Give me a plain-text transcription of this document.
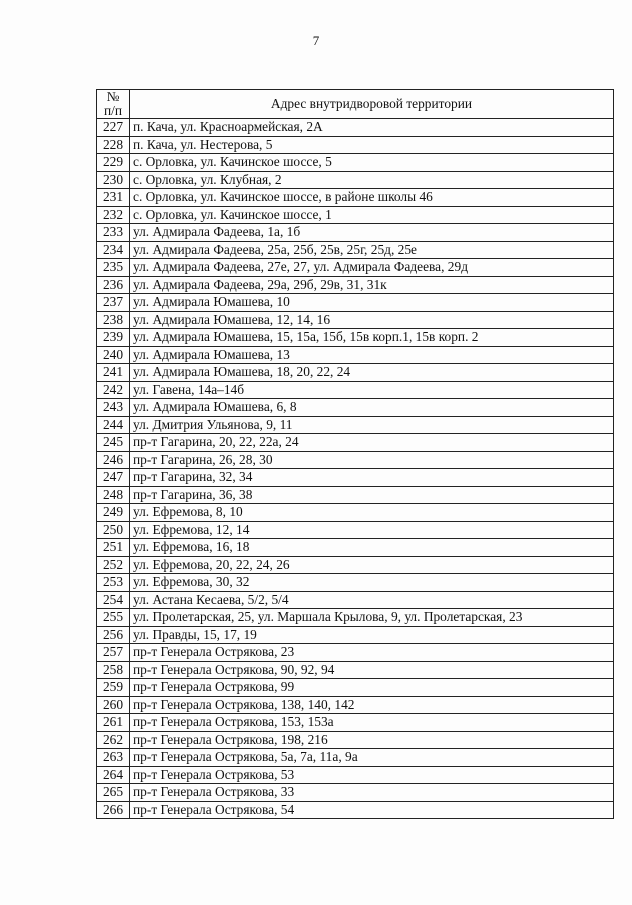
7
№
п/п	Адрес внутридворовой территории
227	п. Кача, ул. Красноармейская, 2А
228	п. Кача, ул. Нестерова, 5
229	с. Орловка, ул. Качинское шоссе, 5
230	с. Орловка, ул. Клубная, 2
231	с. Орловка, ул. Качинское шоссе, в районе школы 46
232	с. Орловка, ул. Качинское шоссе, 1
233	ул. Адмирала Фадеева, 1а, 1б
234	ул. Адмирала Фадеева, 25а, 25б, 25в, 25г, 25д, 25е
235	ул. Адмирала Фадеева, 27е, 27, ул. Адмирала Фадеева, 29д
236	ул. Адмирала Фадеева, 29а, 29б, 29в, 31, 31к
237	ул. Адмирала Юмашева, 10
238	ул. Адмирала Юмашева, 12, 14, 16
239	ул. Адмирала Юмашева, 15, 15а, 15б, 15в корп.1, 15в корп. 2
240	ул. Адмирала Юмашева, 13
241	ул. Адмирала Юмашева, 18, 20, 22, 24
242	ул. Гавена, 14а–14б
243	ул. Адмирала Юмашева, 6, 8
244	ул. Дмитрия Ульянова, 9, 11
245	пр-т Гагарина, 20, 22, 22а, 24
246	пр-т Гагарина, 26, 28, 30
247	пр-т Гагарина, 32, 34
248	пр-т Гагарина, 36, 38
249	ул. Ефремова, 8, 10
250	ул. Ефремова, 12, 14
251	ул. Ефремова, 16, 18
252	ул. Ефремова, 20, 22, 24, 26
253	ул. Ефремова, 30, 32
254	ул. Астана Кесаева, 5/2, 5/4
255	ул. Пролетарская, 25, ул. Маршала Крылова, 9, ул. Пролетарская, 23
256	ул. Правды, 15, 17, 19
257	пр-т Генерала Острякова, 23
258	пр-т Генерала Острякова, 90, 92, 94
259	пр-т Генерала Острякова, 99
260	пр-т Генерала Острякова, 138, 140, 142
261	пр-т Генерала Острякова, 153, 153а
262	пр-т Генерала Острякова, 198, 216
263	пр-т Генерала Острякова, 5а, 7а, 11а, 9а
264	пр-т Генерала Острякова, 53
265	пр-т Генерала Острякова, 33
266	пр-т Генерала Острякова, 54
